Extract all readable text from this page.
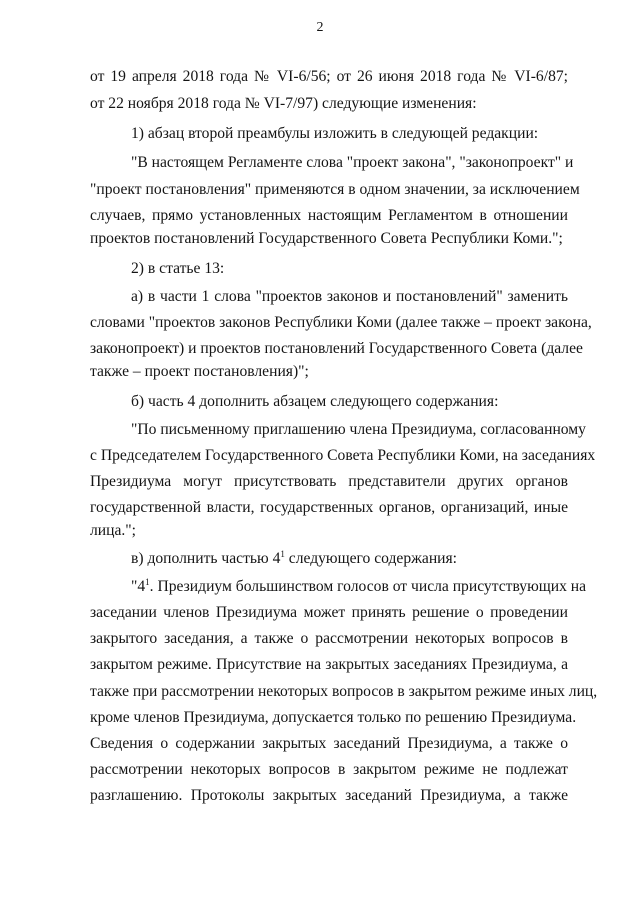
2
от 19 апреля 2018 года № VI-6/56; от 26 июня 2018 года № VI-6/87;
от 22 ноября 2018 года № VI-7/97) следующие изменения:
1) абзац второй преамбулы изложить в следующей редакции:
"В настоящем Регламенте слова "проект закона", "законопроект" и
"проект постановления" применяются в одном значении, за исключением
случаев, прямо установленных настоящим Регламентом в отношении
проектов постановлений Государственного Совета Республики Коми.";
2) в статье 13:
а) в части 1 слова "проектов законов и постановлений" заменить
словами "проектов законов Республики Коми (далее также – проект закона,
законопроект) и проектов постановлений Государственного Совета (далее
также – проект постановления)";
б) часть 4 дополнить абзацем следующего содержания:
"По письменному приглашению члена Президиума, согласованному
с Председателем Государственного Совета Республики Коми, на заседаниях
Президиума могут присутствовать представители других органов
государственной власти, государственных органов, организаций, иные
лица.";
в) дополнить частью $4^1$ следующего содержания:
"$4^1$. Президиум большинством голосов от числа присутствующих на
заседании членов Президиума может принять решение о проведении
закрытого заседания, а также о рассмотрении некоторых вопросов в
закрытом режиме. Присутствие на закрытых заседаниях Президиума, а
также при рассмотрении некоторых вопросов в закрытом режиме иных лиц,
кроме членов Президиума, допускается только по решению Президиума.
Сведения о содержании закрытых заседаний Президиума, а также о
рассмотрении некоторых вопросов в закрытом режиме не подлежат
разглашению. Протоколы закрытых заседаний Президиума, а также
